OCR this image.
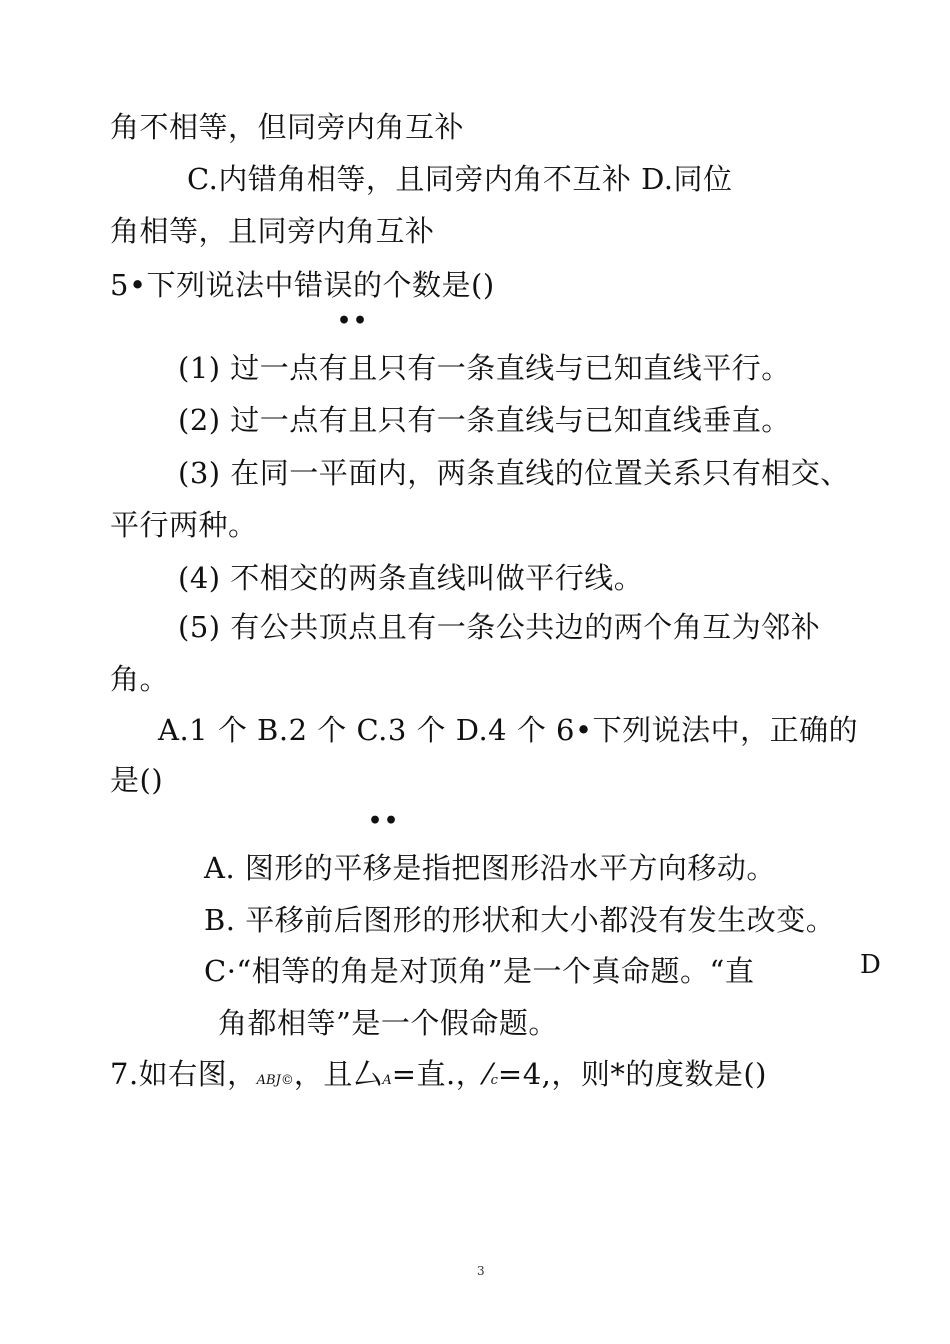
角不相等，但同旁内角互补
C.内错角相等，且同旁内角不互补 D.同位
角相等，且同旁内角互补
5•下列说法中错误的个数是()
••
(1) 过一点有且只有一条直线与已知直线平行。
(2) 过一点有且只有一条直线与已知直线垂直。
(3) 在同一平面内，两条直线的位置关系只有相交、
平行两种。
(4) 不相交的两条直线叫做平行线。
(5) 有公共顶点且有一条公共边的两个角互为邻补
角。
A.1 个 B.2 个 C.3 个 D.4 个 6•下列说法中，正确的
是()
••
A. 图形的平移是指把图形沿水平方向移动。
B. 平移前后图形的形状和大小都没有发生改变。
C·“相等的角是对顶角”是一个真命题。“直	D
角都相等”是一个假命题。
7.如右图，ABJ©，且厶A=直.，⁄c=4,，则*的度数是()
3
